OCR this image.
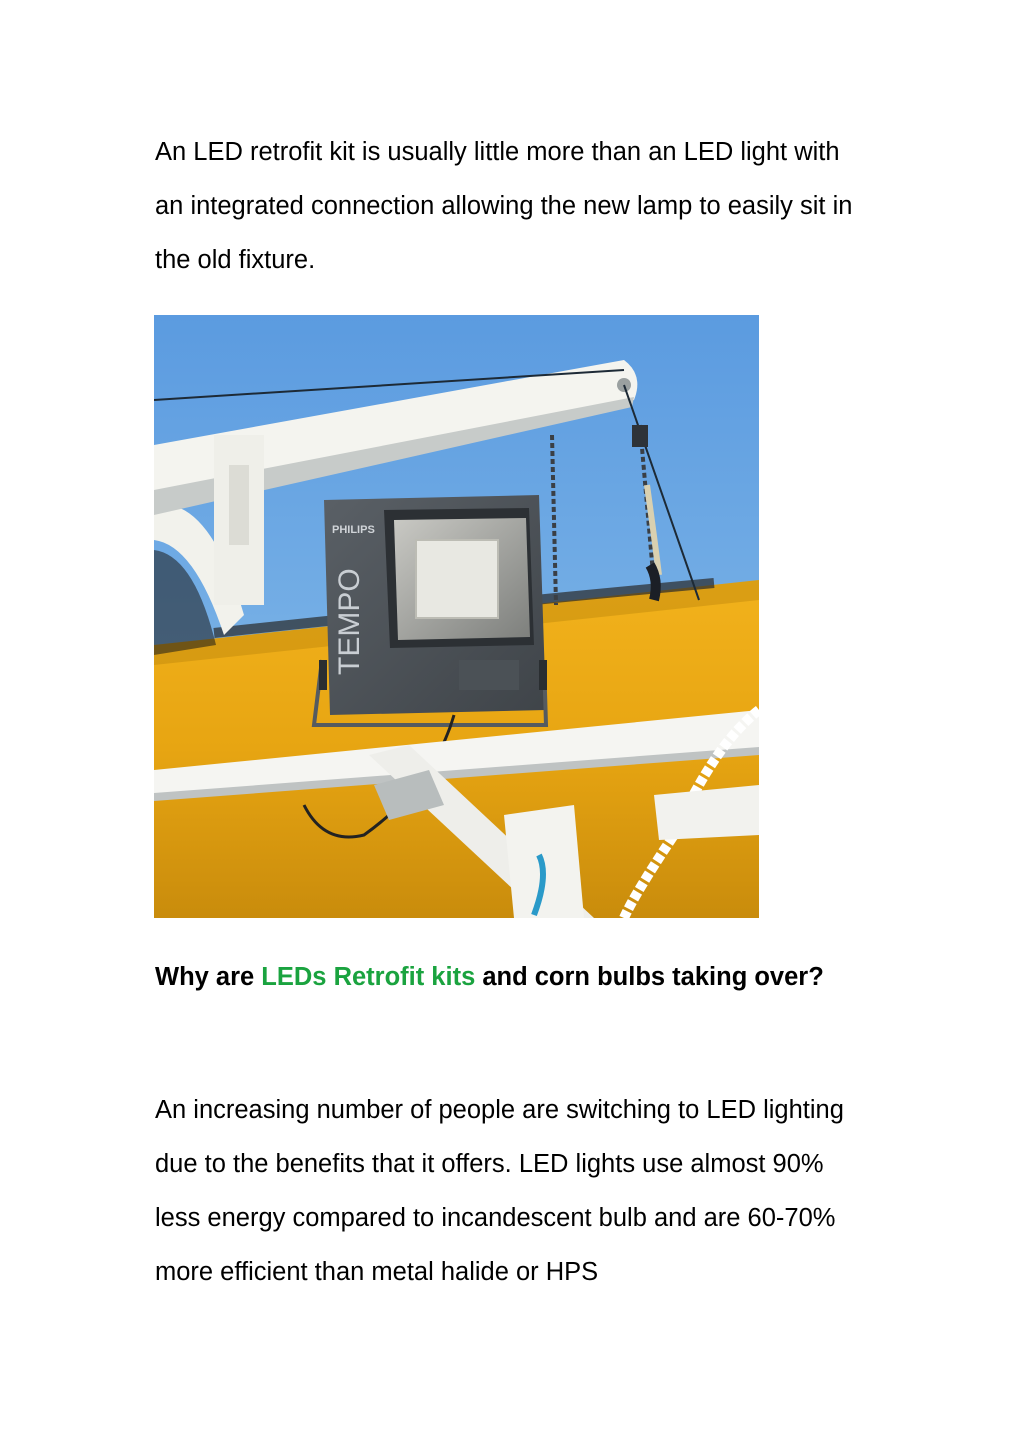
An LED retrofit kit is usually little more than an LED light with an integrated connection allowing the new lamp to easily sit in the old fixture.

PHILIPS
TEMPO
Why are LEDs Retrofit kits and corn bulbs taking over?

An increasing number of people are switching to LED lighting due to the benefits that it offers. LED lights use almost 90% less energy compared to incandescent bulb and are 60-70% more efficient than metal halide or HPS
